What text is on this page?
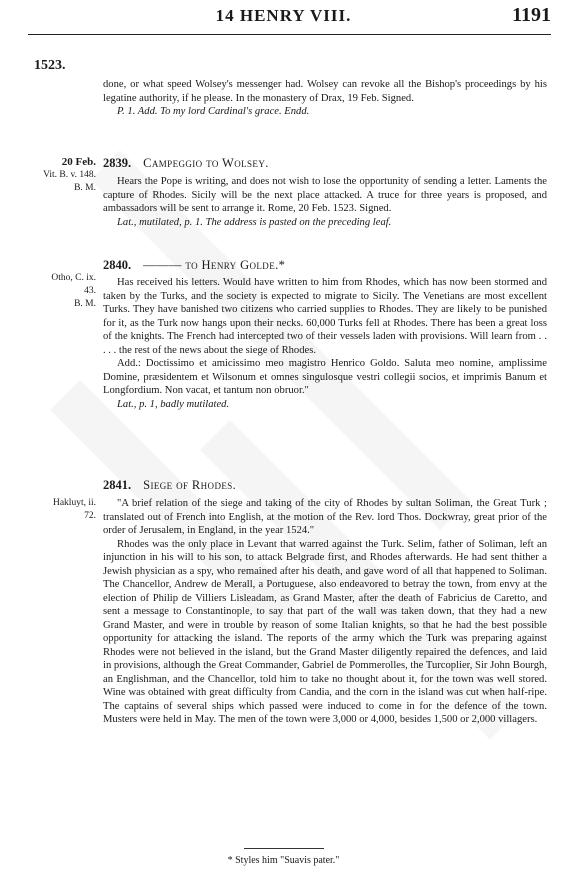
14 HENRY VIII.	1191
1523.

done, or what speed Wolsey's messenger had. Wolsey can revoke all the Bishop's proceedings by his legatine authority, if he please. In the monastery of Drax, 19 Feb. Signed.

P. 1. Add. To my lord Cardinal's grace. Endd.

20 Feb.
Vit. B. v. 148.
B. M.
2839. Campeggio to Wolsey.

Hears the Pope is writing, and does not wish to lose the opportunity of sending a letter. Laments the capture of Rhodes. Sicily will be the next place attacked. A truce for three years is proposed, and ambassadors will be sent to arrange it. Rome, 20 Feb. 1523. Signed.

Lat., mutilated, p. 1. The address is pasted on the preceding leaf.

Otho, C. ix.
43.
B. M.
2840. ——— to Henry Golde.*

Has received his letters. Would have written to him from Rhodes, which has now been stormed and taken by the Turks, and the society is expected to migrate to Sicily. The Venetians are most excellent Turks. They have banished two citizens who carried supplies to Rhodes. They are likely to be punished for it, as the Turk now hangs upon their necks. 60,000 Turks fell at Rhodes. There has been a great loss of the knights. The French had intercepted two of their vessels laden with provisions. Will learn from . . . . . the rest of the news about the siege of Rhodes.

Add.: Doctissimo et amicissimo meo magistro Henrico Goldo. Saluta meo nomine, amplissime Domine, præsidentem et Wilsonum et omnes singulosque vestri collegii socios, et imprimis Banum et Longfordium. Non vacat, et tantum non obruor."

Lat., p. 1, badly mutilated.

Hakluyt, ii.
72.
2841. Siege of Rhodes.

"A brief relation of the siege and taking of the city of Rhodes by sultan Soliman, the Great Turk ; translated out of French into English, at the motion of the Rev. lord Thos. Dockwray, great prior of the order of Jerusalem, in England, in the year 1524."

Rhodes was the only place in Levant that warred against the Turk. Selim, father of Soliman, left an injunction in his will to his son, to attack Belgrade first, and Rhodes afterwards. He had sent thither a Jewish physician as a spy, who remained after his death, and gave word of all that happened to Soliman. The Chancellor, Andrew de Merall, a Portuguese, also endeavored to betray the town, from envy at the election of Philip de Villiers Lisleadam, as Grand Master, after the death of Fabricius de Caretto, and sent a message to Constantinople, to say that part of the wall was taken down, that they had a new Grand Master, and were in trouble by reason of some Italian knights, so that he had the best possible opportunity for attacking the island. The reports of the army which the Turk was preparing against Rhodes were not believed in the island, but the Grand Master diligently repaired the defences, and laid in provisions, although the Great Commander, Gabriel de Pommerolles, the Turcoplier, Sir John Bourgh, an Englishman, and the Chancellor, told him to take no thought about it, for the town was well stored. Wine was obtained with great difficulty from Candia, and the corn in the island was cut when half-ripe. The captains of several ships which passed were induced to come in for the defence of the town. Musters were held in May. The men of the town were 3,000 or 4,000, besides 1,500 or 2,000 villagers.

* Styles him "Suavis pater."
